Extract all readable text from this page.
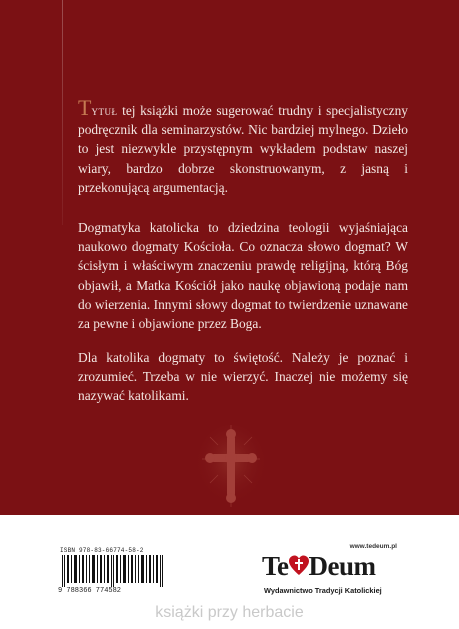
Tytuł tej książki może sugerować trudny i specjalistyczny podręcznik dla seminarzystów. Nic bardziej mylnego. Dzieło to jest niezwykle przystępnym wykładem podstaw naszej wiary, bardzo dobrze skonstruowanym, z jasną i przekonującą argumentacją.

Dogmatyka katolicka to dziedzina teologii wyjaśniająca naukowo dogmaty Kościoła. Co oznacza słowo dogmat? W ścisłym i właściwym znaczeniu prawdę religijną, którą Bóg objawił, a Matka Kościół jako naukę objawioną podaje nam do wierzenia. Innymi słowy dogmat to twierdzenie uznawane za pewne i objawione przez Boga.

Dla katolika dogmaty to świętość. Należy je poznać i zrozumieć. Trzeba w nie wierzyć. Inaczej nie możemy się nazywać katolikami.

ISBN 978-83-66774-58-2
9 788366 774582
www.tedeum.pl
Te Deum
Wydawnictwo Tradycji Katolickiej
książki przy herbacie
